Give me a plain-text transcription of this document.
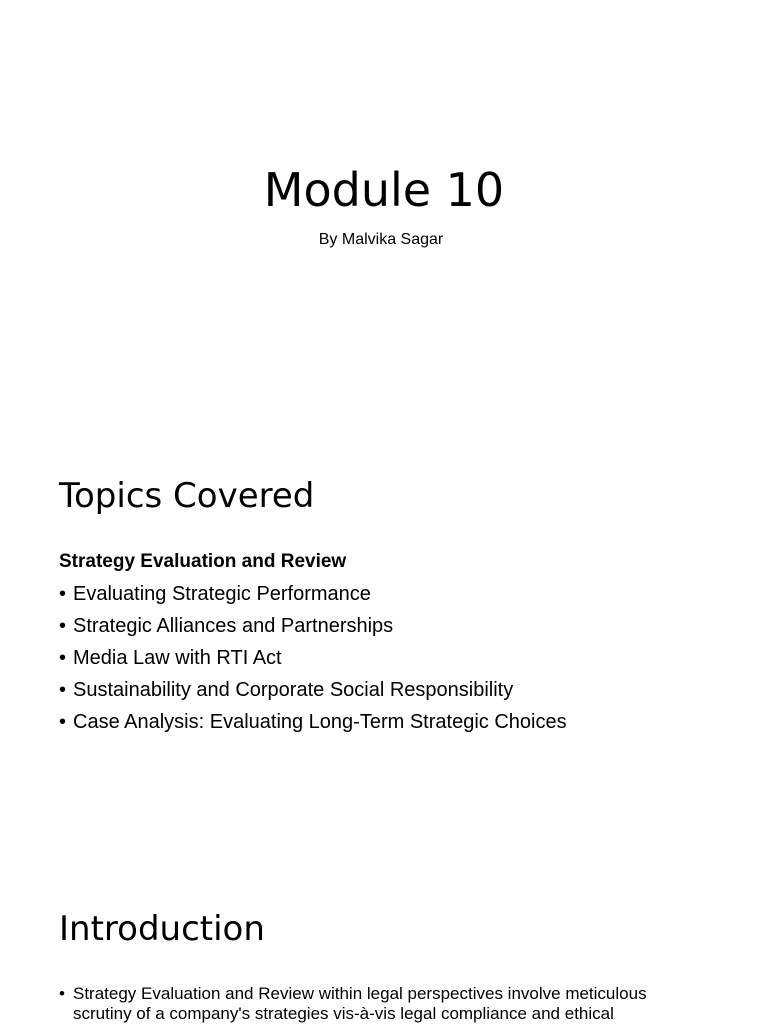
Module 10

By Malvika Sagar

Topics Covered

Strategy Evaluation and Review

• Evaluating Strategic Performance
• Strategic Alliances and Partnerships
• Media Law with RTI Act
• Sustainability and Corporate Social Responsibility
• Case Analysis: Evaluating Long-Term Strategic Choices
Introduction
• Strategy Evaluation and Review within legal perspectives involve meticulous scrutiny of a company's strategies vis-à-vis legal compliance and ethical
